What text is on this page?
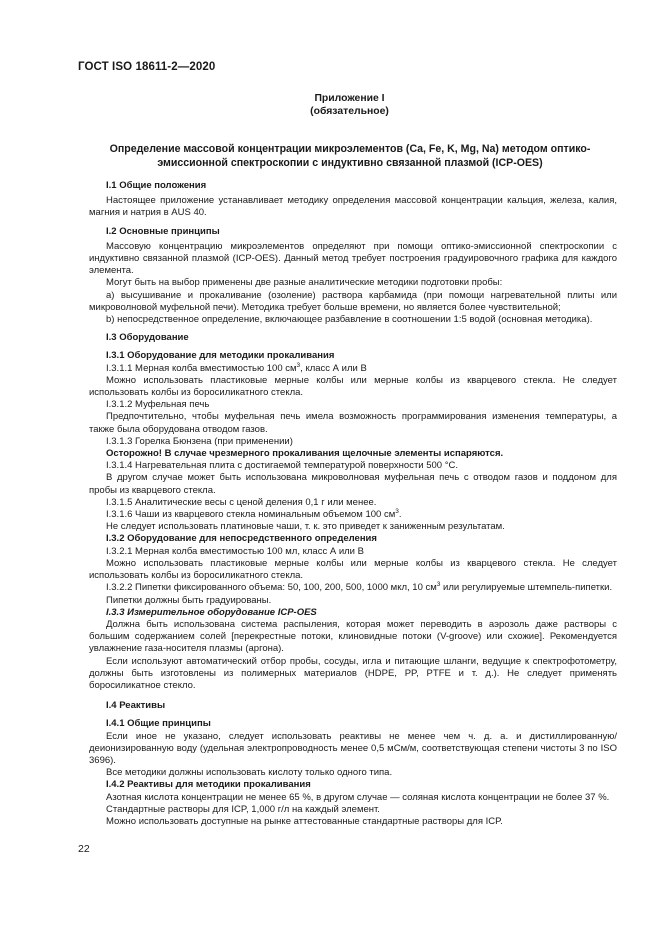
ГОСТ ISO 18611-2—2020
Приложение I
(обязательное)
Определение массовой концентрации микроэлементов (Ca, Fe, K, Mg, Na) методом оптико-
эмиссионной спектроскопии с индуктивно связанной плазмой (ICP-OES)

I.1 Общие положения

Настоящее приложение устанавливает методику определения массовой концентрации кальция, железа, калия, магния и натрия в AUS 40.

I.2 Основные принципы

Массовую концентрацию микроэлементов определяют при помощи оптико-эмиссионной спектроскопии с индуктивно связанной плазмой (ICP-OES). Данный метод требует построения градуировочного графика для каждого элемента.

Могут быть на выбор применены две разные аналитические методики подготовки пробы:

a) высушивание и прокаливание (озоление) раствора карбамида (при помощи нагревательной плиты или микроволновой муфельной печи). Методика требует больше времени, но является более чувствительной;

b) непосредственное определение, включающее разбавление в соотношении 1:5 водой (основная методика).

I.3 Оборудование

I.3.1 Оборудование для методики прокаливания

I.3.1.1 Мерная колба вместимостью 100 $см^3$, класс А или В

Можно использовать пластиковые мерные колбы или мерные колбы из кварцевого стекла. Не следует использовать колбы из боросиликатного стекла.

I.3.1.2 Муфельная печь

Предпочтительно, чтобы муфельная печь имела возможность программирования изменения температуры, а также была оборудована отводом газов.

I.3.1.3 Горелка Бюнзена (при применении)

Осторожно! В случае чрезмерного прокаливания щелочные элементы испаряются.

I.3.1.4 Нагревательная плита с достигаемой температурой поверхности 500 °C.

В другом случае может быть использована микроволновая муфельная печь с отводом газов и поддоном для пробы из кварцевого стекла.

I.3.1.5 Аналитические весы с ценой деления 0,1 г или менее.

I.3.1.6 Чаши из кварцевого стекла номинальным объемом 100 $см^3$.

Не следует использовать платиновые чаши, т. к. это приведет к заниженным результатам.

I.3.2 Оборудование для непосредственного определения

I.3.2.1 Мерная колба вместимостью 100 мл, класс А или В

Можно использовать пластиковые мерные колбы или мерные колбы из кварцевого стекла. Не следует использовать колбы из боросиликатного стекла.

I.3.2.2 Пипетки фиксированного объема: 50, 100, 200, 500, 1000 мкл, 10 $см^3$ или регулируемые штемпель-пипетки.

Пипетки должны быть градуированы.

I.3.3 Измерительное оборудование ICP-OES

Должна быть использована система распыления, которая может переводить в аэрозоль даже растворы с большим содержанием солей [перекрестные потоки, клиновидные потоки (V-groove) или схожие]. Рекомендуется увлажнение газа-носителя плазмы (аргона).

Если используют автоматический отбор пробы, сосуды, игла и питающие шланги, ведущие к спектрофотометру, должны быть изготовлены из полимерных материалов (HDPE, PP, PTFE и т. д.). Не следует применять боросиликатное стекло.

I.4 Реактивы

I.4.1 Общие принципы

Если иное не указано, следует использовать реактивы не менее чем ч. д. а. и дистиллированную/деионизированную воду (удельная электропроводность менее 0,5 мСм/м, соответствующая степени чистоты 3 по ISO 3696).

Все методики должны использовать кислоту только одного типа.

I.4.2 Реактивы для методики прокаливания

Азотная кислота концентрации не менее 65 %, в другом случае — соляная кислота концентрации не более 37 %.

Стандартные растворы для ICP, 1,000 г/л на каждый элемент.

Можно использовать доступные на рынке аттестованные стандартные растворы для ICP.

22
